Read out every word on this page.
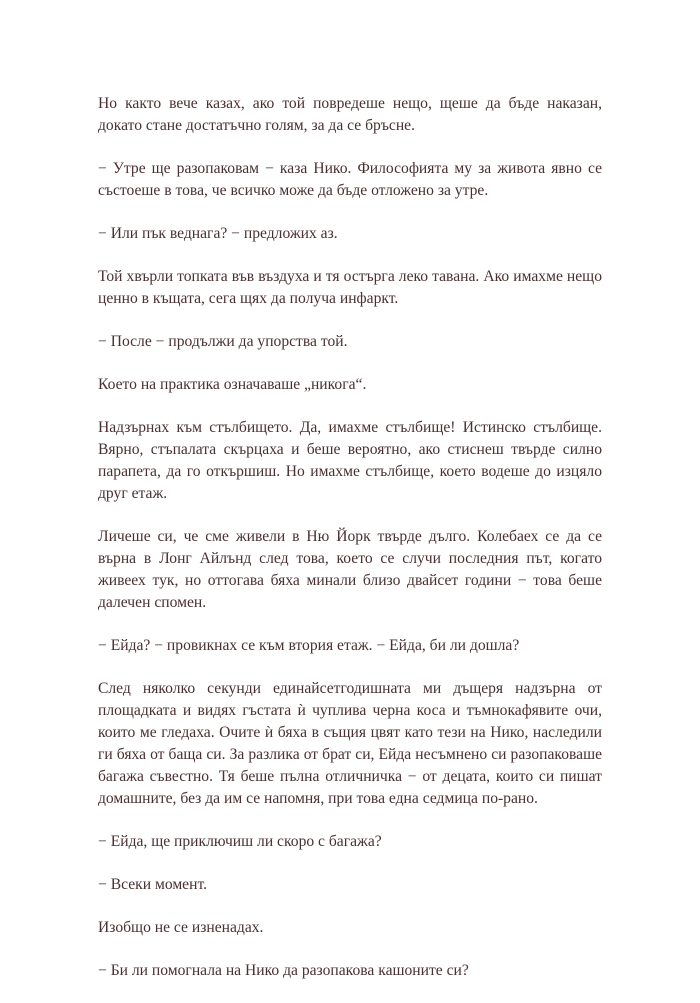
Но както вече казах, ако той повредеше нещо, щеше да бъде наказан, докато стане достатъчно голям, за да се бръсне.

− Утре ще разопаковам − каза Нико. Философията му за живота явно се състоеше в това, че всичко може да бъде отложено за утре.

− Или пък веднага? − предложих аз.

Той хвърли топката във въздуха и тя остърга леко тавана. Ако имахме нещо ценно в къщата, сега щях да получа инфаркт.

− После − продължи да упорства той.

Което на практика означаваше „никога“.

Надзърнах към стълбището. Да, имахме стълбище! Истинско стълбище. Вярно, стъпалата скърцаха и беше вероятно, ако стиснеш твърде силно парапета, да го откършиш. Но имахме стълбище, което водеше до изцяло друг етаж.

Личеше си, че сме живели в Ню Йорк твърде дълго. Колебаех се да се върна в Лонг Айлънд след това, което се случи последния път, когато живеех тук, но оттогава бяха минали близо двайсет години − това беше далечен спомен.

− Ейда? − провикнах се към втория етаж. − Ейда, би ли дошла?

След няколко секунди единайсетгодишната ми дъщеря надзърна от площадката и видях гъстата ѝ чуплива черна коса и тъмнокафявите очи, които ме гледаха. Очите ѝ бяха в същия цвят като тези на Нико, наследили ги бяха от баща си. За разлика от брат си, Ейда несъмнено си разопаковаше багажа съвестно. Тя беше пълна отличничка − от децата, които си пишат домашните, без да им се напомня, при това една седмица по-рано.

− Ейда, ще приключиш ли скоро с багажа?

− Всеки момент.

Изобщо не се изненадах.

− Би ли помогнала на Нико да разопакова кашоните си?
